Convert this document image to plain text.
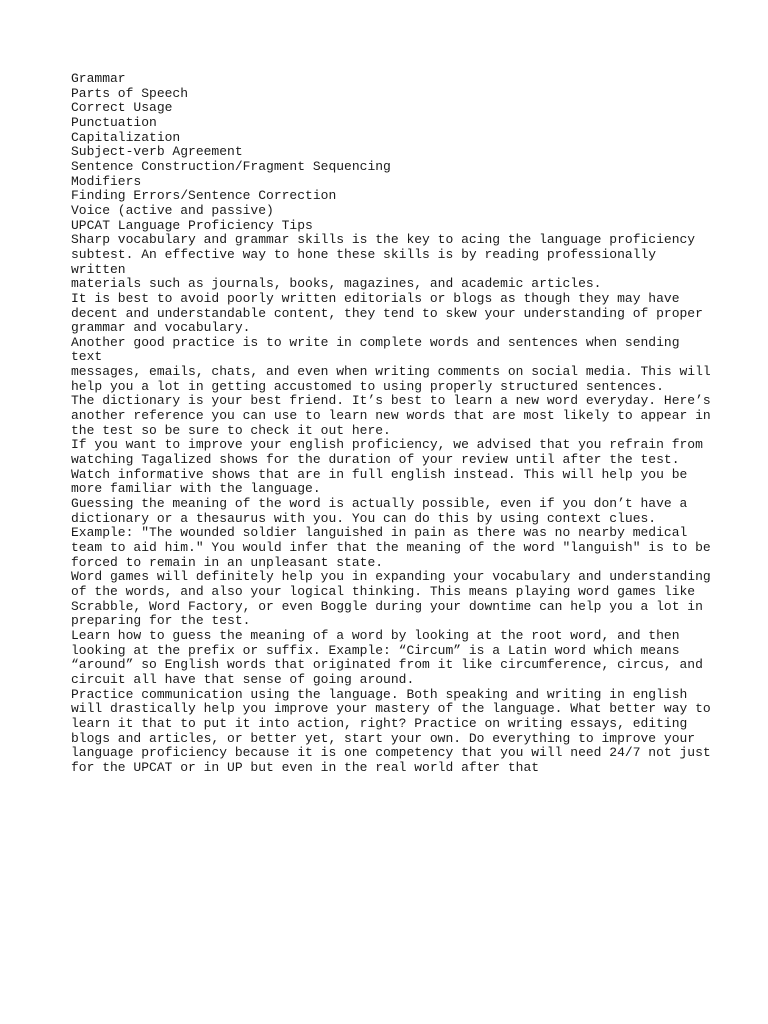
Grammar

Parts of Speech

Correct Usage

Punctuation

Capitalization

Subject-verb Agreement

Sentence Construction/Fragment Sequencing

Modifiers

Finding Errors/Sentence Correction

Voice (active and passive)

UPCAT Language Proficiency Tips

Sharp vocabulary and grammar skills is the key to acing the language proficiency
subtest. An effective way to hone these skills is by reading professionally written
materials such as journals, books, magazines, and academic articles.

It is best to avoid poorly written editorials or blogs as though they may have
decent and understandable content, they tend to skew your understanding of proper
grammar and vocabulary.

Another good practice is to write in complete words and sentences when sending text
messages, emails, chats, and even when writing comments on social media. This will
help you a lot in getting accustomed to using properly structured sentences.

The dictionary is your best friend. It’s best to learn a new word everyday. Here’s
another reference you can use to learn new words that are most likely to appear in
the test so be sure to check it out here.

If you want to improve your english proficiency, we advised that you refrain from
watching Tagalized shows for the duration of your review until after the test.
Watch informative shows that are in full english instead. This will help you be
more familiar with the language.

Guessing the meaning of the word is actually possible, even if you don’t have a
dictionary or a thesaurus with you. You can do this by using context clues.
Example: "The wounded soldier languished in pain as there was no nearby medical
team to aid him." You would infer that the meaning of the word "languish" is to be
forced to remain in an unpleasant state.

Word games will definitely help you in expanding your vocabulary and understanding
of the words, and also your logical thinking. This means playing word games like
Scrabble, Word Factory, or even Boggle during your downtime can help you a lot in
preparing for the test.

Learn how to guess the meaning of a word by looking at the root word, and then
looking at the prefix or suffix. Example: “Circum” is a Latin word which means
“around” so English words that originated from it like circumference, circus, and
circuit all have that sense of going around.

Practice communication using the language. Both speaking and writing in english
will drastically help you improve your mastery of the language. What better way to
learn it that to put it into action, right? Practice on writing essays, editing
blogs and articles, or better yet, start your own. Do everything to improve your
language proficiency because it is one competency that you will need 24/7 not just
for the UPCAT or in UP but even in the real world after that
